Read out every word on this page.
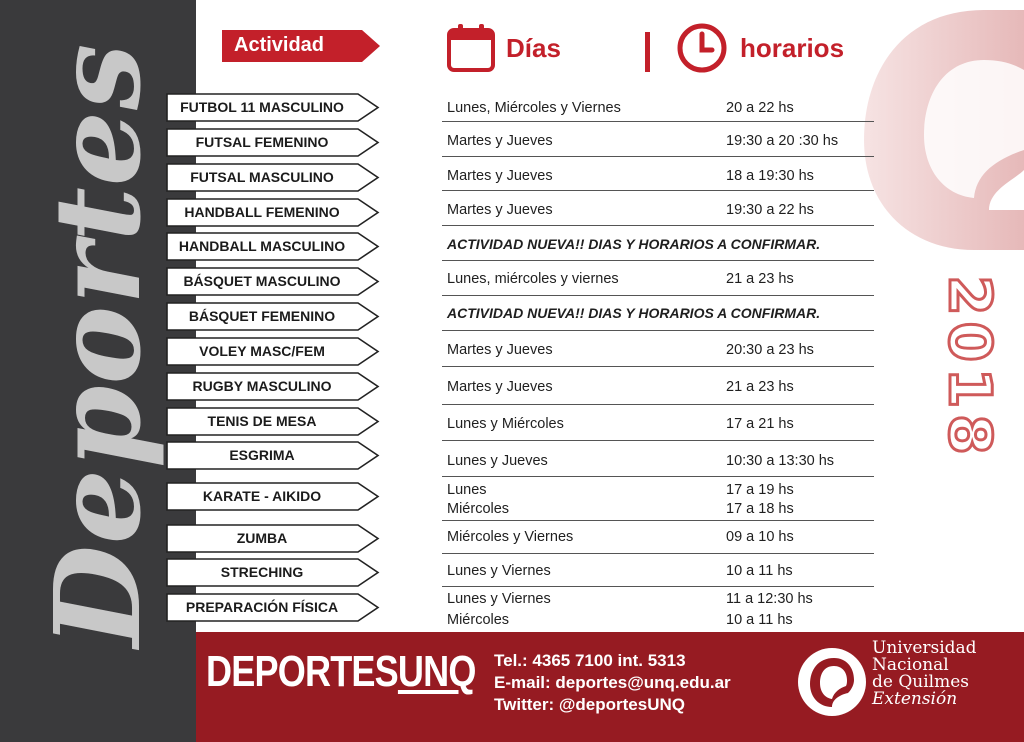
Deportes	2018
Actividad	Días	horarios
FUTBOL 11 MASCULINO	Lunes, Miércoles y Viernes	20 a 22 hs
FUTSAL FEMENINO	Martes y Jueves	19:30 a 20 :30 hs
FUTSAL MASCULINO	Martes y Jueves	18 a 19:30 hs
HANDBALL FEMENINO	Martes y Jueves	19:30 a 22 hs
HANDBALL MASCULINO	ACTIVIDAD NUEVA!! DIAS Y HORARIOS A CONFIRMAR.
BÁSQUET MASCULINO	Lunes, miércoles y viernes	21 a 23 hs
BÁSQUET FEMENINO	ACTIVIDAD NUEVA!! DIAS Y HORARIOS A CONFIRMAR.
VOLEY MASC/FEM	Martes y Jueves	20:30 a 23 hs
RUGBY MASCULINO	Martes y Jueves	21 a 23 hs
TENIS DE MESA	Lunes y Miércoles	17 a 21 hs
ESGRIMA	Lunes y Jueves	10:30 a 13:30 hs
KARATE - AIKIDO	Lunes	17 a 19 hs
Miércoles	17 a 18 hs
ZUMBA	Miércoles y Viernes	09 a 10 hs
STRECHING	Lunes y Viernes	10 a 11 hs
PREPARACIÓN FÍSICA	Lunes y Viernes	11 a 12:30 hs
Miércoles	10 a 11 hs
DEPORTESUNQ Tel.: 4365 7100 int. 5313
E-mail: deportes@unq.edu.ar
Twitter: @deportesUNQ
Universidad
Nacional
de Quilmes
Extensión
